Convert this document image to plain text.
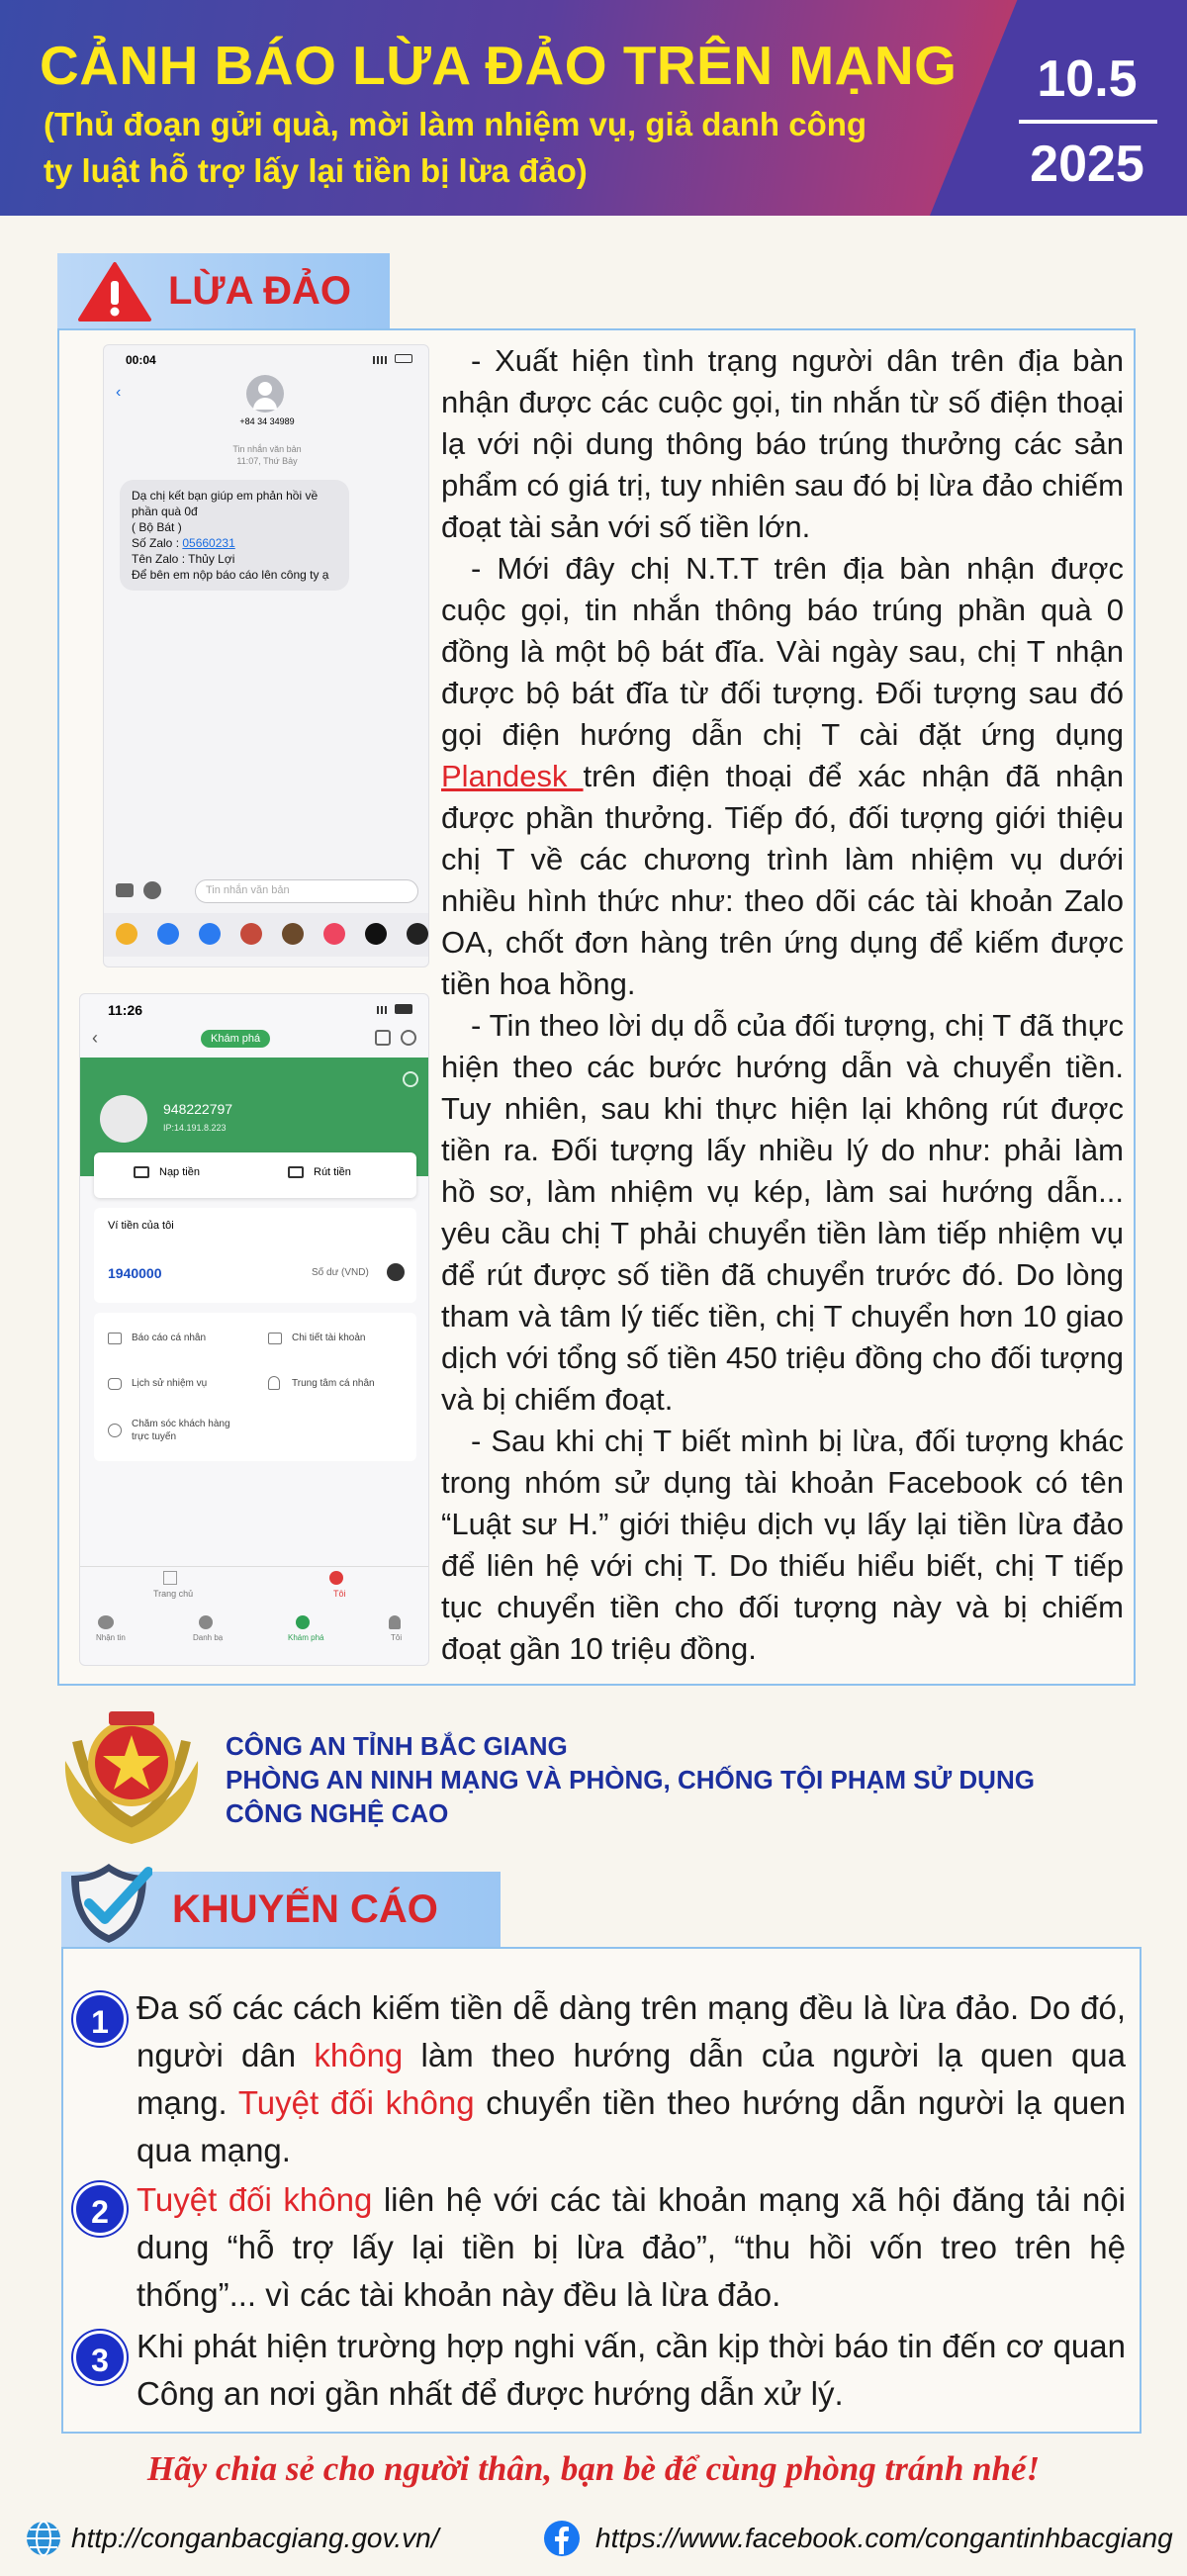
CẢNH BÁO LỪA ĐẢO TRÊN MẠNG
(Thủ đoạn gửi quà, mời làm nhiệm vụ, giả danh công ty luật hỗ trợ lấy lại tiền bị lừa đảo)
10.5
2025
LỪA ĐẢO
00:04
‹
+84 34 34989
Tin nhắn văn bản
11:07, Thứ Bảy
Dạ chị kết bạn giúp em phản hồi về phần quà 0đ
( Bộ Bát )
Số Zalo : 05660231
Tên Zalo : Thủy Lợi
Để bên em nộp báo cáo lên công ty ạ
Tin nhắn văn bản
11:26
‹	Khám phá
948222797
IP:14.191.8.223
Nạp tiền	Rút tiền
Ví tiền của tôi
1940000	Số dư (VND)
Báo cáo cá nhân	Chi tiết tài khoản
Lịch sử nhiệm vụ	Trung tâm cá nhân
Chăm sóc khách hàng trực tuyến
Trang chủ	Tôi
Nhận tin	Danh bạ	Khám phá	Tôi

- Xuất hiện tình trạng người dân trên địa bàn nhận được các cuộc gọi, tin nhắn từ số điện thoại lạ với nội dung thông báo trúng thưởng các sản phẩm có giá trị, tuy nhiên sau đó bị lừa đảo chiếm đoạt tài sản với số tiền lớn.

- Mới đây chị N.T.T trên địa bàn nhận được cuộc gọi, tin nhắn thông báo trúng phần quà 0 đồng là một bộ bát đĩa. Vài ngày sau, chị T nhận được bộ bát đĩa từ đối tượng. Đối tượng sau đó gọi điện hướng dẫn chị T cài đặt ứng dụng Plandesk trên điện thoại để xác nhận đã nhận được phần thưởng. Tiếp đó, đối tượng giới thiệu chị T về các chương trình làm nhiệm vụ dưới nhiều hình thức như: theo dõi các tài khoản Zalo OA, chốt đơn hàng trên ứng dụng để kiếm được tiền hoa hồng.

- Tin theo lời dụ dỗ của đối tượng, chị T đã thực hiện theo các bước hướng dẫn và chuyển tiền. Tuy nhiên, sau khi thực hiện lại không rút được tiền ra. Đối tượng lấy nhiều lý do như: phải làm hồ sơ, làm nhiệm vụ kép, làm sai hướng dẫn... yêu cầu chị T phải chuyển tiền làm tiếp nhiệm vụ để rút được số tiền đã chuyển trước đó. Do lòng tham và tâm lý tiếc tiền, chị T chuyển hơn 10 giao dịch với tổng số tiền 450 triệu đồng cho đối tượng và bị chiếm đoạt.

- Sau khi chị T biết mình bị lừa, đối tượng khác trong nhóm sử dụng tài khoản Facebook có tên “Luật sư H.” giới thiệu dịch vụ lấy lại tiền lừa đảo để liên hệ với chị T. Do thiếu hiểu biết, chị T tiếp tục chuyển tiền cho đối tượng này và bị chiếm đoạt gần 10 triệu đồng.

CÔNG AN TỈNH BẮC GIANG
PHÒNG AN NINH MẠNG VÀ PHÒNG, CHỐNG TỘI PHẠM SỬ DỤNG
CÔNG NGHỆ CAO
KHUYẾN CÁO
1 Đa số các cách kiếm tiền dễ dàng trên mạng đều là lừa đảo. Do đó, người dân không làm theo hướng dẫn của người lạ quen qua mạng. Tuyệt đối không chuyển tiền theo hướng dẫn người lạ quen qua mạng.
2 Tuyệt đối không liên hệ với các tài khoản mạng xã hội đăng tải nội dung “hỗ trợ lấy lại tiền bị lừa đảo”, “thu hồi vốn treo trên hệ thống”... vì các tài khoản này đều là lừa đảo.
3 Khi phát hiện trường hợp nghi vấn, cần kịp thời báo tin đến cơ quan Công an nơi gần nhất để được hướng dẫn xử lý.
Hãy chia sẻ cho người thân, bạn bè để cùng phòng tránh nhé!
http://conganbacgiang.gov.vn/	https://www.facebook.com/congantinhbacgiang
